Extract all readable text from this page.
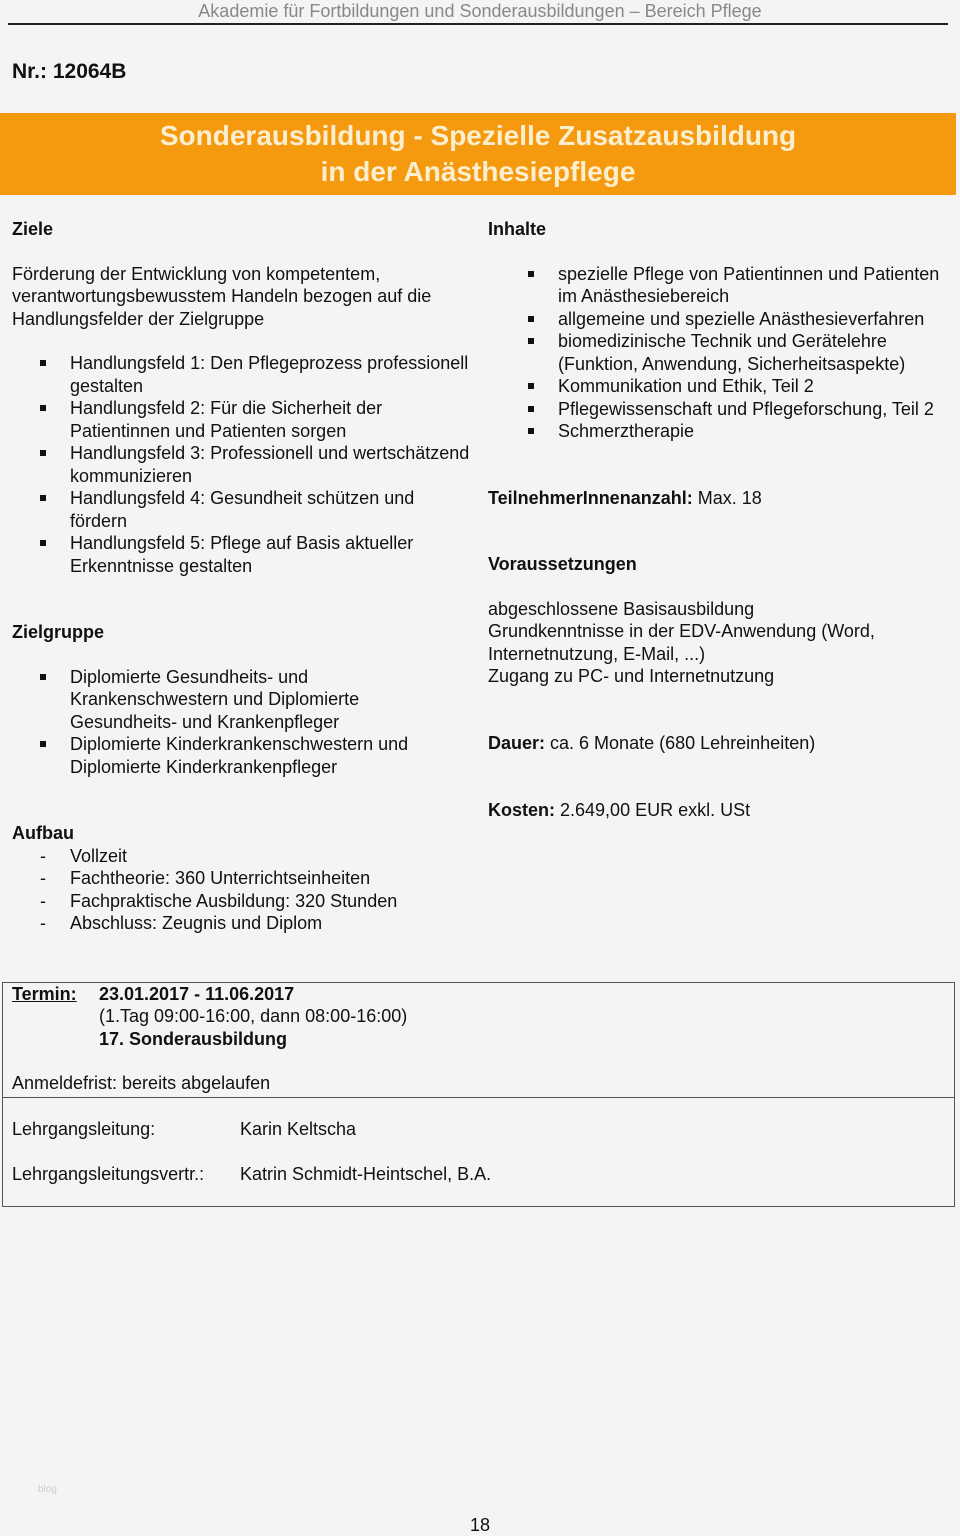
Akademie für Fortbildungen und Sonderausbildungen – Bereich Pflege
Nr.: 12064B
Sonderausbildung - Spezielle Zusatzausbildung
in der Anästhesiepflege
Ziele
Förderung der Entwicklung von kompetentem, verantwortungsbewusstem Handeln bezogen auf die Handlungsfelder der Zielgruppe
Handlungsfeld 1: Den Pflegeprozess professionell gestalten
Handlungsfeld 2: Für die Sicherheit der Patientinnen und Patienten sorgen
Handlungsfeld 3: Professionell und wertschätzend kommunizieren
Handlungsfeld 4: Gesundheit schützen und fördern
Handlungsfeld 5: Pflege auf Basis aktueller Erkenntnisse gestalten
Zielgruppe
Diplomierte Gesundheits- und Krankenschwestern und Diplomierte Gesundheits- und Krankenpfleger
Diplomierte Kinderkrankenschwestern und Diplomierte Kinderkrankenpfleger
Aufbau
- Vollzeit
- Fachtheorie: 360 Unterrichtseinheiten
- Fachpraktische Ausbildung: 320 Stunden
- Abschluss: Zeugnis und Diplom
Inhalte
spezielle Pflege von Patientinnen und Patienten im Anästhesiebereich
allgemeine und spezielle Anästhesieverfahren
biomedizinische Technik und Gerätelehre (Funktion, Anwendung, Sicherheitsaspekte)
Kommunikation und Ethik, Teil 2
Pflegewissenschaft und Pflegeforschung, Teil 2
Schmerztherapie
TeilnehmerInnenanzahl: Max. 18
Voraussetzungen
abgeschlossene Basisausbildung
Grundkenntnisse in der EDV-Anwendung (Word, Internetnutzung, E-Mail, ...)
Zugang zu PC- und Internetnutzung
Dauer: ca. 6 Monate (680 Lehreinheiten)
Kosten: 2.649,00 EUR exkl. USt
Termin: 23.01.2017 - 11.06.2017
(1.Tag 09:00-16:00, dann 08:00-16:00)
17. Sonderausbildung
Anmeldefrist: bereits abgelaufen
Lehrgangsleitung:	Karin Keltscha
Lehrgangsleitungsvertr.: Katrin Schmidt-Heintschel, B.A.
blog
18
